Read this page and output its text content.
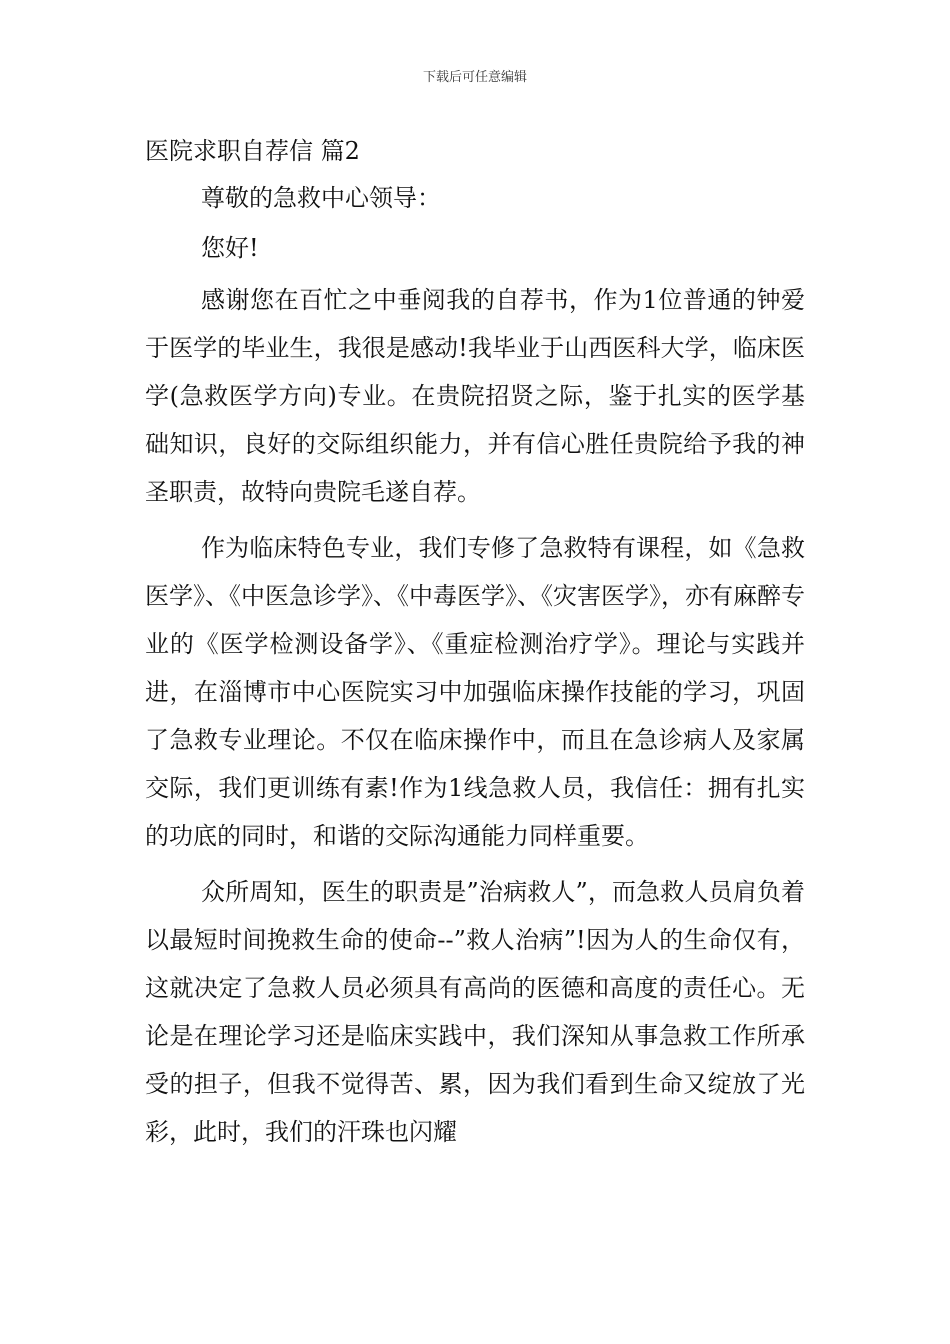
下载后可任意编辑
医院求职自荐信 篇2

尊敬的急救中心领导：

您好!

感谢您在百忙之中垂阅我的自荐书，作为1位普通的钟爱于医学的毕业生，我很是感动!我毕业于山西医科大学，临床医学(急救医学方向)专业。在贵院招贤之际，鉴于扎实的医学基础知识，良好的交际组织能力，并有信心胜任贵院给予我的神圣职责，故特向贵院毛遂自荐。

作为临床特色专业，我们专修了急救特有课程，如《急救医学》、《中医急诊学》、《中毒医学》、《灾害医学》，亦有麻醉专业的《医学检测设备学》、《重症检测治疗学》。理论与实践并进，在淄博市中心医院实习中加强临床操作技能的学习，巩固了急救专业理论。不仅在临床操作中，而且在急诊病人及家属交际，我们更训练有素!作为1线急救人员，我信任：拥有扎实的功底的同时，和谐的交际沟通能力同样重要。

众所周知，医生的职责是”治病救人”，而急救人员肩负着以最短时间挽救生命的使命--”救人治病”!因为人的生命仅有，这就决定了急救人员必须具有高尚的医德和高度的责任心。无论是在理论学习还是临床实践中，我们深知从事急救工作所承受的担子，但我不觉得苦、累，因为我们看到生命又绽放了光彩，此时，我们的汗珠也闪耀
